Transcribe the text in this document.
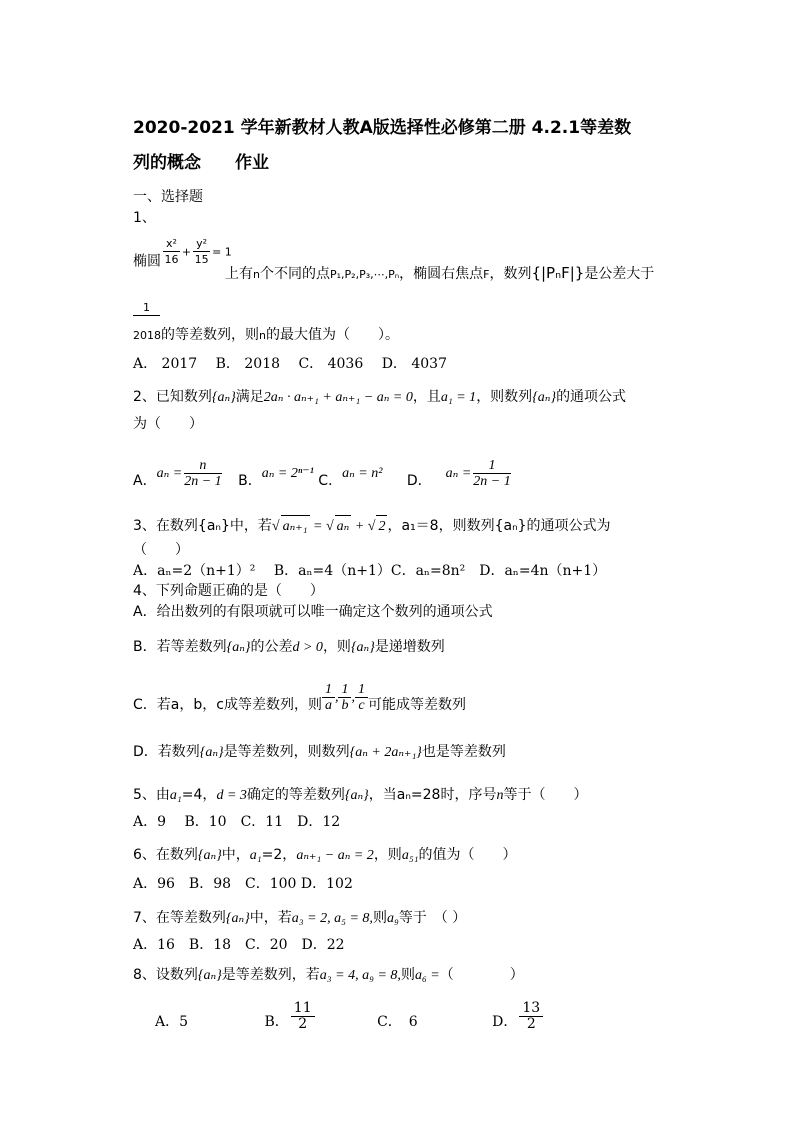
2020-2021 学年新教材人教A版选择性必修第二册 4.2.1等差数
列的概念　　作业
一、选择题
1、
椭圆 $\frac{\text{x²}}{16} + \frac{\text{y²}}{15} = 1$
上有n个不同的点P₁,P₂,P₃,⋯,Pₙ，椭圆右焦点F，数列{|PₙF|}是公差大于
1
2018的等差数列，则n的最大值为（　　）。
A． 2017　 B． 2018　 C． 4036　 D． 4037
2、已知数列{aₙ}满足2aₙ · aₙ₊₁ + aₙ₊₁ − aₙ = 0，且a₁ = 1，则数列{aₙ}的通项公式
为（　　）
A．$a_n = \frac{n}{2n - 1}$ B．aₙ = 2ⁿ⁻¹ C．aₙ = n² D． $a_n = \frac{1}{2n - 1}$
3、在数列{aₙ}中，若√ aₙ₊₁ = √ aₙ + √ 2 ，a₁＝8，则数列{aₙ}的通项公式为
（　　）
A．aₙ=2（n+1）²　 B．aₙ=4（n+1）C．aₙ=8n²　D．aₙ=4n（n+1）
4、下列命题正确的是（　　）
A．给出数列的有限项就可以唯一确定这个数列的通项公式
B．若等差数列{aₙ}的公差d > 0，则{aₙ}是递增数列
C．若a，b，c成等差数列，则 $\frac{1}{a}$ , $\frac{1}{b}$ , $\frac{1}{c}$ 可能成等差数列
D．若数列{aₙ}是等差数列，则数列{aₙ + 2aₙ₊₁}也是等差数列
5、由a₁=4，d = 3确定的等差数列{aₙ}，当aₙ=28时，序号n等于（　　）
A．9　 B．10　C．11　D．12
6、在数列{aₙ}中，a₁=2，aₙ₊₁ − aₙ = 2，则a₅₁的值为（　　）
A．96　B．98　C．100 D．102
7、在等差数列{aₙ}中，若a₃ = 2, a₅ = 8,则a₉等于　（ ）
A．16　B．18　C．20　D．22
8、设数列{aₙ}是等差数列，若a₃ = 4, a₉ = 8,则a₆ =（　　　　）
A．5	B． $\frac{11}{2}$	C．　6	D． $\frac{13}{2}$
